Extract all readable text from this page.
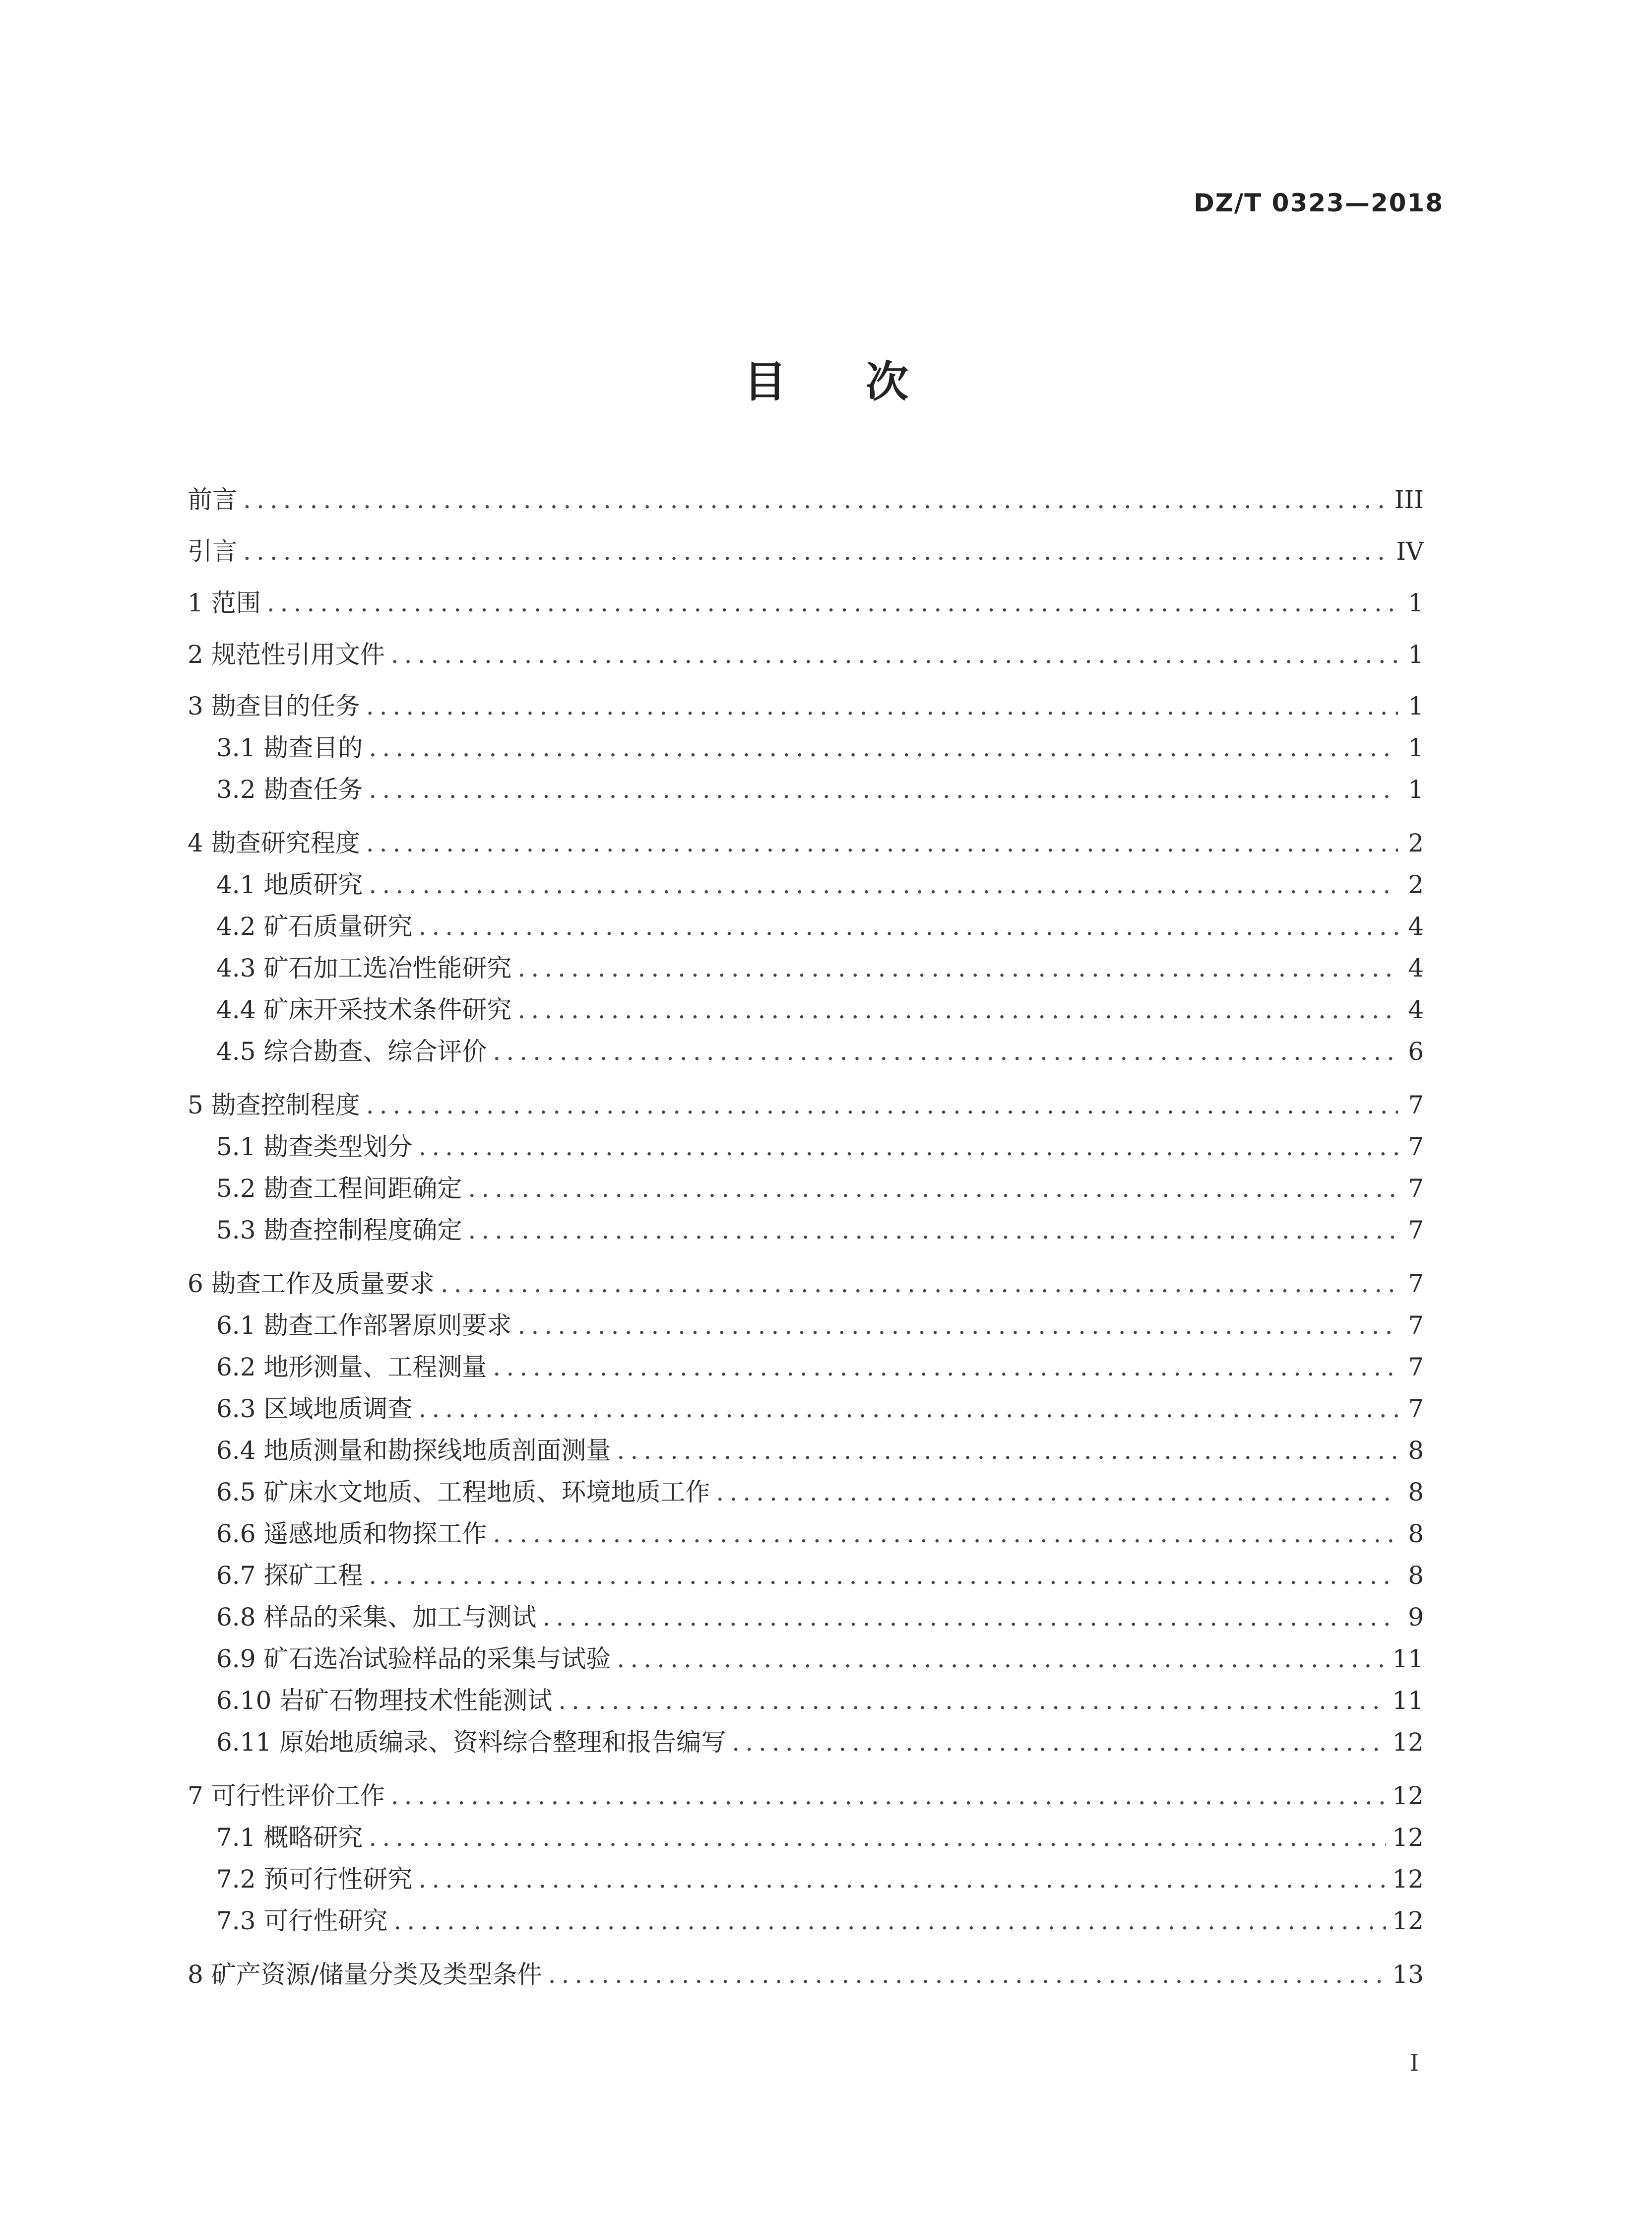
DZ/T 0323—2018
目次
前言 .....	III
引言 .....	IV
1 范围 .....	1
2 规范性引用文件 .....	1
3 勘查目的任务 .....	1
3.1 勘查目的 .....	1
3.2 勘查任务 .....	1
4 勘查研究程度 .....	2
4.1 地质研究 .....	2
4.2 矿石质量研究 .....	4
4.3 矿石加工选冶性能研究 .....	4
4.4 矿床开采技术条件研究 .....	4
4.5 综合勘查、综合评价 .....	6
5 勘查控制程度 .....	7
5.1 勘查类型划分 .....	7
5.2 勘查工程间距确定 .....	7
5.3 勘查控制程度确定 .....	7
6 勘查工作及质量要求 .....	7
6.1 勘查工作部署原则要求 .....	7
6.2 地形测量、工程测量 .....	7
6.3 区域地质调查 .....	7
6.4 地质测量和勘探线地质剖面测量 .....	8
6.5 矿床水文地质、工程地质、环境地质工作 .....	8
6.6 遥感地质和物探工作 .....	8
6.7 探矿工程 .....	8
6.8 样品的采集、加工与测试 .....	9
6.9 矿石选冶试验样品的采集与试验 .....	11
6.10 岩矿石物理技术性能测试 .....	11
6.11 原始地质编录、资料综合整理和报告编写 .....	12
7 可行性评价工作 .....	12
7.1 概略研究 .....	12
7.2 预可行性研究 .....	12
7.3 可行性研究 .....	12
8 矿产资源/储量分类及类型条件 .....	13
I
